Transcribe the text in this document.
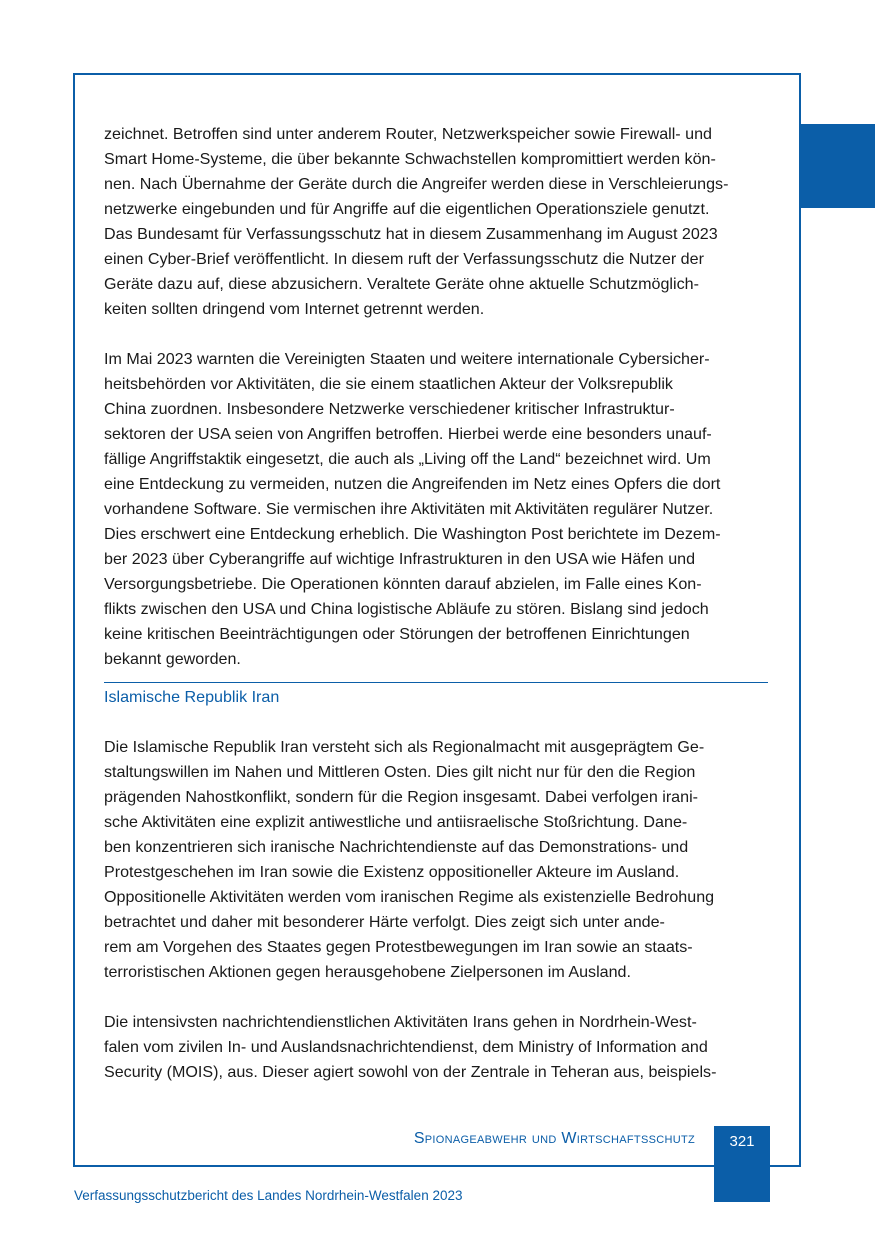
zeichnet. Betroffen sind unter anderem Router, Netzwerkspeicher sowie Firewall- und
Smart Home-Systeme, die über bekannte Schwachstellen kompromittiert werden kön-
nen. Nach Übernahme der Geräte durch die Angreifer werden diese in Verschleierungs-
netzwerke eingebunden und für Angriffe auf die eigentlichen Operationsziele genutzt.
Das Bundesamt für Verfassungsschutz hat in diesem Zusammenhang im August 2023
einen Cyber-Brief veröffentlicht. In diesem ruft der Verfassungsschutz die Nutzer der
Geräte dazu auf, diese abzusichern. Veraltete Geräte ohne aktuelle Schutzmöglich-
keiten sollten dringend vom Internet getrennt werden.
Im Mai 2023 warnten die Vereinigten Staaten und weitere internationale Cybersicher-
heitsbehörden vor Aktivitäten, die sie einem staatlichen Akteur der Volksrepublik
China zuordnen. Insbesondere Netzwerke verschiedener kritischer Infrastruktur-
sektoren der USA seien von Angriffen betroffen. Hierbei werde eine besonders unauf-
fällige Angriffstaktik eingesetzt, die auch als „Living off the Land“ bezeichnet wird. Um
eine Entdeckung zu vermeiden, nutzen die Angreifenden im Netz eines Opfers die dort
vorhandene Software. Sie vermischen ihre Aktivitäten mit Aktivitäten regulärer Nutzer.
Dies erschwert eine Entdeckung erheblich. Die Washington Post berichtete im Dezem-
ber 2023 über Cyberangriffe auf wichtige Infrastrukturen in den USA wie Häfen und
Versorgungsbetriebe. Die Operationen könnten darauf abzielen, im Falle eines Kon-
flikts zwischen den USA und China logistische Abläufe zu stören. Bislang sind jedoch
keine kritischen Beeinträchtigungen oder Störungen der betroffenen Einrichtungen
bekannt geworden.
Islamische Republik Iran
Die Islamische Republik Iran versteht sich als Regionalmacht mit ausgeprägtem Ge-
staltungswillen im Nahen und Mittleren Osten. Dies gilt nicht nur für den die Region
prägenden Nahostkonflikt, sondern für die Region insgesamt. Dabei verfolgen irani-
sche Aktivitäten eine explizit antiwestliche und antiisraelische Stoßrichtung. Dane-
ben konzentrieren sich iranische Nachrichtendienste auf das Demonstrations- und
Protestgeschehen im Iran sowie die Existenz oppositioneller Akteure im Ausland.
Oppositionelle Aktivitäten werden vom iranischen Regime als existenzielle Bedrohung
betrachtet und daher mit besonderer Härte verfolgt. Dies zeigt sich unter ande-
rem am Vorgehen des Staates gegen Protestbewegungen im Iran sowie an staats-
terroristischen Aktionen gegen herausgehobene Zielpersonen im Ausland.
Die intensivsten nachrichtendienstlichen Aktivitäten Irans gehen in Nordrhein-West-
falen vom zivilen In- und Auslandsnachrichtendienst, dem Ministry of Information and
Security (MOIS), aus. Dieser agiert sowohl von der Zentrale in Teheran aus, beispiels-
Spionageabwehr und Wirtschaftsschutz	321
Verfassungsschutzbericht des Landes Nordrhein-Westfalen 2023
